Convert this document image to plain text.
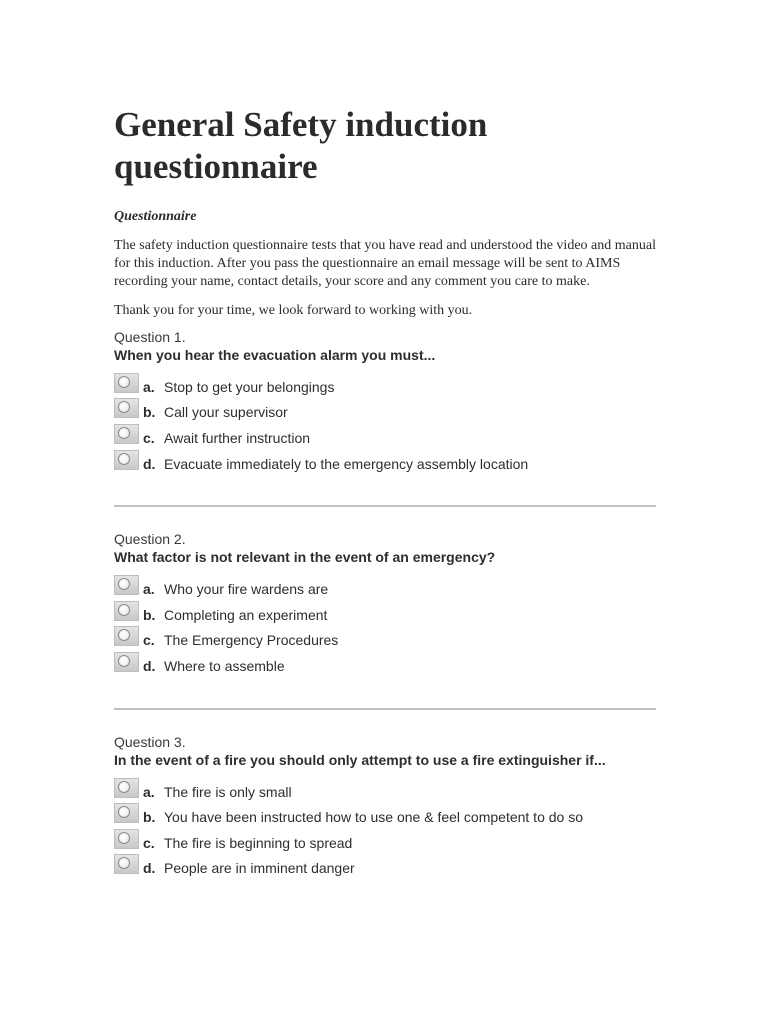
General Safety induction
questionnaire

Questionnaire

The safety induction questionnaire tests that you have read and understood the video and manual for this induction. After you pass the questionnaire an email message will be sent to AIMS recording your name, contact details, your score and any comment you care to make.

Thank you for your time, we look forward to working with you.

Question 1.
When you hear the evacuation alarm you must...
a. Stop to get your belongings
b. Call your supervisor
c. Await further instruction
d. Evacuate immediately to the emergency assembly location
Question 2.
What factor is not relevant in the event of an emergency?
a. Who your fire wardens are
b. Completing an experiment
c. The Emergency Procedures
d. Where to assemble
Question 3.
In the event of a fire you should only attempt to use a fire extinguisher if...
a. The fire is only small
b. You have been instructed how to use one & feel competent to do so
c. The fire is beginning to spread
d. People are in imminent danger
